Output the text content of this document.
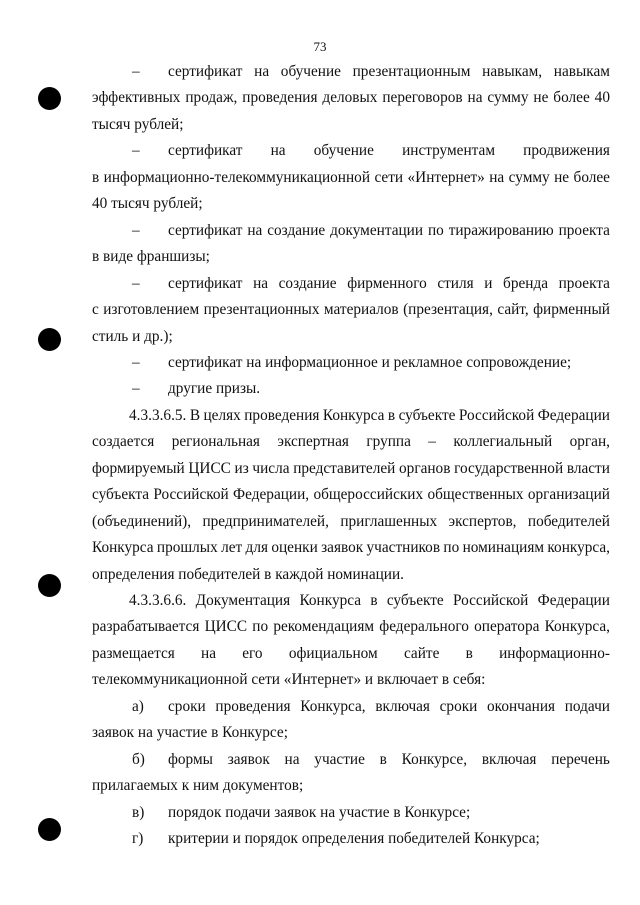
73
–	сертификат на обучение презентационным навыкам, навыкам
эффективных продаж, проведения деловых переговоров на сумму не более 40
тысяч рублей;
–	сертификат на обучение инструментам продвижения
в информационно-телекоммуникационной сети «Интернет» на сумму не более
40 тысяч рублей;
–	сертификат на создание документации по тиражированию проекта
в виде франшизы;
–	сертификат на создание фирменного стиля и бренда проекта
с изготовлением презентационных материалов (презентация, сайт, фирменный
стиль и др.);
–	сертификат на информационное и рекламное сопровождение;
–	другие призы.
4.3.3.6.5. В целях проведения Конкурса в субъекте Российской Федерации
создается региональная экспертная группа – коллегиальный орган,
формируемый ЦИСС из числа представителей органов государственной власти
субъекта Российской Федерации, общероссийских общественных организаций
(объединений), предпринимателей, приглашенных экспертов, победителей
Конкурса прошлых лет для оценки заявок участников по номинациям конкурса,
определения победителей в каждой номинации.
4.3.3.6.6. Документация Конкурса в субъекте Российской Федерации
разрабатывается ЦИСС по рекомендациям федерального оператора Конкурса,
размещается на его официальном сайте в информационно-
телекоммуникационной сети «Интернет» и включает в себя:
а)	сроки проведения Конкурса, включая сроки окончания подачи
заявок на участие в Конкурсе;
б)	формы заявок на участие в Конкурсе, включая перечень
прилагаемых к ним документов;
в)	порядок подачи заявок на участие в Конкурсе;
г)	критерии и порядок определения победителей Конкурса;
